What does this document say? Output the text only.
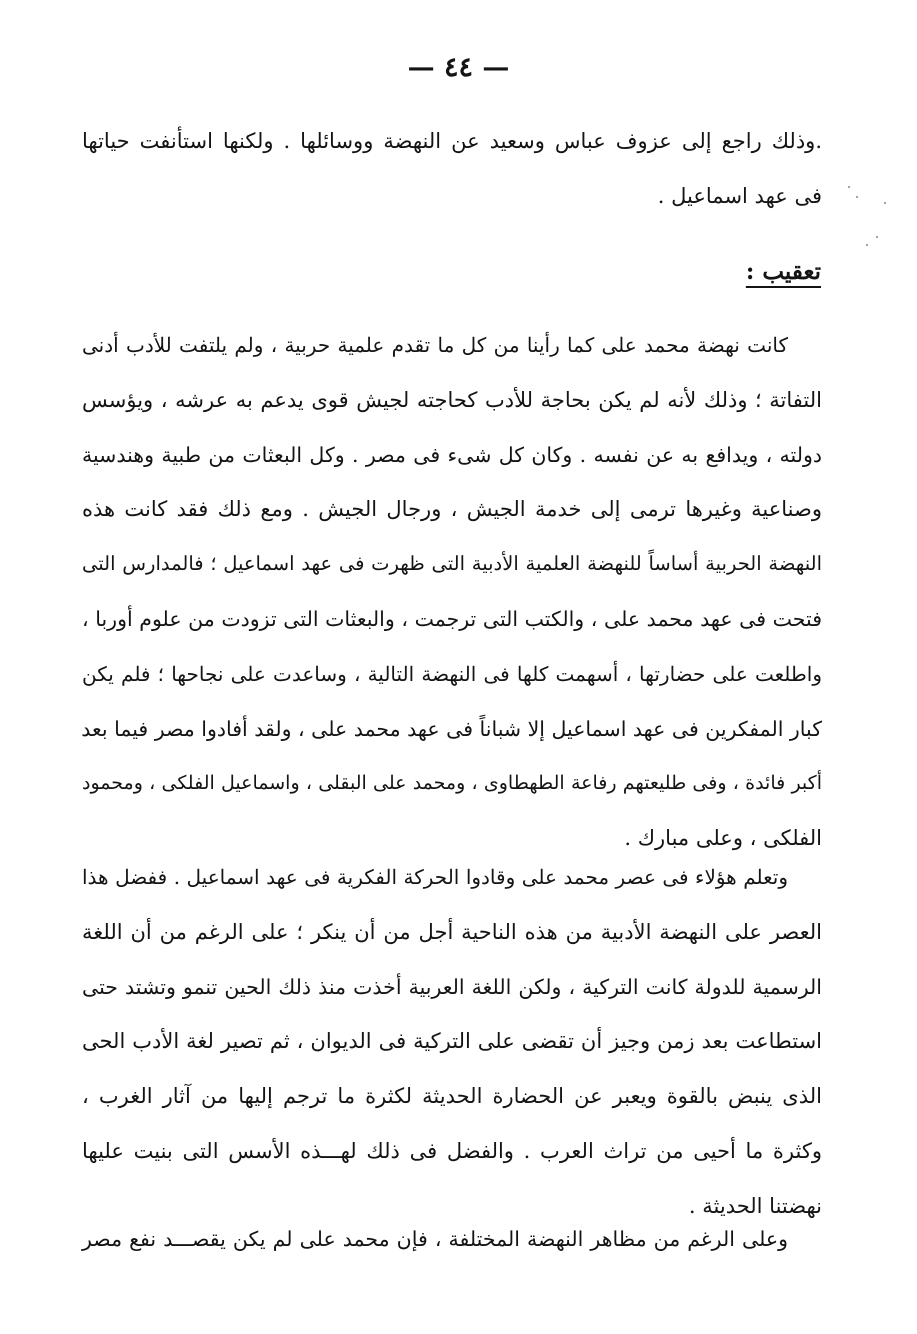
— ٤٤ —
.وذلك راجع إلى عزوف عباس وسعيد عن النهضة ووسائلها . ولكنها استأنفت حياتها
فى عهد اسماعيل .
تعقيب :
كانت نهضة محمد على كما رأينا من كل ما تقدم علمية حربية ، ولم يلتفت للأدب أدنى
التفاتة ؛ وذلك لأنه لم يكن بحاجة للأدب كحاجته لجيش قوى يدعم به عرشه ، ويؤسس
دولته ، ويدافع به عن نفسه . وكان كل شىء فى مصر . وكل البعثات من طبية وهندسية
وصناعية وغيرها ترمى إلى خدمة الجيش ، ورجال الجيش . ومع ذلك فقد كانت هذه
النهضة الحربية أساساً للنهضة العلمية الأدبية التى ظهرت فى عهد اسماعيل ؛ فالمدارس التى
فتحت فى عهد محمد على ، والكتب التى ترجمت ، والبعثات التى تزودت من علوم أوربا ،
واطلعت على حضارتها ، أسهمت كلها فى النهضة التالية ، وساعدت على نجاحها ؛ فلم يكن
كبار المفكرين فى عهد اسماعيل إلا شباناً فى عهد محمد على ، ولقد أفادوا مصر فيما بعد
أكبر فائدة ، وفى طليعتهم رفاعة الطهطاوى ، ومحمد على البقلى ، واسماعيل الفلكى ، ومحمود
الفلكى ، وعلى مبارك .
وتعلم هؤلاء فى عصر محمد على وقادوا الحركة الفكرية فى عهد اسماعيل . ففضل هذا
العصر على النهضة الأدبية من هذه الناحية أجل من أن ينكر ؛ على الرغم من أن اللغة
الرسمية للدولة كانت التركية ، ولكن اللغة العربية أخذت منذ ذلك الحين تنمو وتشتد حتى
استطاعت بعد زمن وجيز أن تقضى على التركية فى الديوان ، ثم تصير لغة الأدب الحى
الذى ينبض بالقوة ويعبر عن الحضارة الحديثة لكثرة ما ترجم إليها من آثار الغرب ،
وكثرة ما أحيى من تراث العرب . والفضل فى ذلك لهـــذه الأسس التى بنيت عليها
نهضتنا الحديثة .
وعلى الرغم من مظاهر النهضة المختلفة ، فإن محمد على لم يكن يقصـــد نفع مصر
